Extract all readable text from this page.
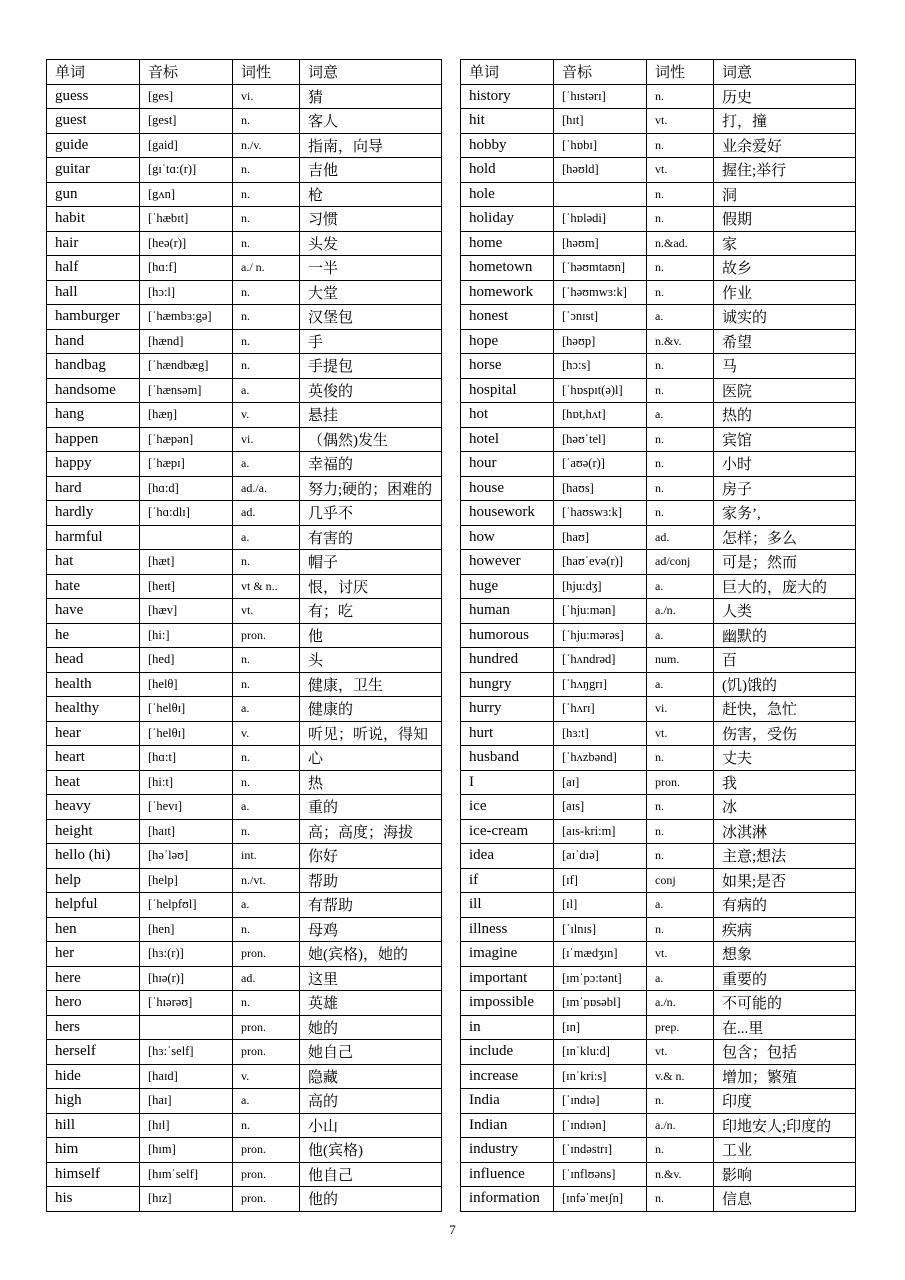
单词	音标	词性	词意
guess	[ges]	vi.	猜
guest	[gest]	n.	客人
guide	[gaid]	n./v.	指南，向导
guitar	[gɪˈtɑ:(r)]	n.	吉他
gun	[gʌn]	n.	枪
habit	[ˈhæbɪt]	n.	习惯
hair	[heə(r)]	n.	头发
half	[hɑ:f]	a./ n.	一半
hall	[hɔ:l]	n.	大堂
hamburger	[ˈhæmbɜ:gə]	n.	汉堡包
hand	[hænd]	n.	手
handbag	[ˈhændbæg]	n.	手提包
handsome	[ˈhænsəm]	a.	英俊的
hang	[hæŋ]	v.	悬挂
happen	[ˈhæpən]	vi.	（偶然)发生
happy	[ˈhæpɪ]	a.	幸福的
hard	[hɑ:d]	ad./a.	努力;硬的；困难的
hardly	[ˈhɑ:dlɪ]	ad.	几乎不
harmful		a.	有害的
hat	[hæt]	n.	帽子
hate	[heɪt]	vt & n..	恨，讨厌
have	[hæv]	vt.	有；吃
he	[hi:]	pron.	他
head	[hed]	n.	头
health	[helθ]	n.	健康，卫生
healthy	[ˈhelθɪ]	a.	健康的
hear	[ˈhelθɪ]	v.	听见；听说，得知
heart	[hɑ:t]	n.	心
heat	[hi:t]	n.	热
heavy	[ˈhevɪ]	a.	重的
height	[haɪt]	n.	高；高度；海拔
hello (hi)	[həˈləʊ]	int.	你好
help	[help]	n./vt.	帮助
helpful	[ˈhelpfʊl]	a.	有帮助
hen	[hen]	n.	母鸡
her	[hɜ:(r)]	pron.	她(宾格)，她的
here	[hɪə(r)]	ad.	这里
hero	[ˈhɪərəʊ]	n.	英雄
hers		pron.	她的
herself	[hɜ:ˈself]	pron.	她自己
hide	[haɪd]	v.	隐藏
high	[haɪ]	a.	高的
hill	[hɪl]	n.	小山
him	[hɪm]	pron.	他(宾格)
himself	[hɪmˈself]	pron.	他自己
his	[hɪz]	pron.	他的
单词	音标	词性	词意
history	[ˈhɪstərɪ]	n.	历史
hit	[hɪt]	vt.	打，撞
hobby	[ˈhɒbɪ]	n.	业余爱好
hold	[həʊld]	vt.	握住;举行
hole		n.	洞
holiday	[ˈhɒlədi]	n.	假期
home	[həʊm]	n.&ad.	家
hometown	[ˈhəʊmtaʊn]	n.	故乡
homework	[ˈhəʊmwɜ:k]	n.	作业
honest	[ˈɔnɪst]	a.	诚实的
hope	[həʊp]	n.&v.	希望
horse	[hɔ:s]	n.	马
hospital	[ˈhɒspɪt(ə)l]	n.	医院
hot	[hɒt,hʌt]	a.	热的
hotel	[həʊˈtel]	n.	宾馆
hour	[ˈaʊə(r)]	n.	小时
house	[haʊs]	n.	房子
housework	[ˈhaʊswɜ:k]	n.	家务’,
how	[haʊ]	ad.	怎样；多么
however	[haʊˈevə(r)]	ad/conj	可是；然而
huge	[hju:dʒ]	a.	巨大的，庞大的
human	[ˈhju:mən]	a./n.	人类
humorous	[ˈhju:mərəs]	a.	幽默的
hundred	[ˈhʌndrəd]	num.	百
hungry	[ˈhʌŋgrɪ]	a.	(饥)饿的
hurry	[ˈhʌrɪ]	vi.	赶快，急忙
hurt	[hɜ:t]	vt.	伤害，受伤
husband	[ˈhʌzbənd]	n.	丈夫
I	[aɪ]	pron.	我
ice	[aɪs]	n.	冰
ice-cream	[aɪs-kri:m]	n.	冰淇淋
idea	[aɪˈdɪə]	n.	主意;想法
if	[ɪf]	conj	如果;是否
ill	[ɪl]	a.	有病的
illness	[ˈɪlnɪs]	n.	疾病
imagine	[ɪˈmædʒɪn]	vt.	想象
important	[ɪmˈpɔ:tənt]	a.	重要的
impossible	[ɪmˈpɒsəbl]	a./n.	不可能的
in	[ɪn]	prep.	在...里
include	[ɪnˈklu:d]	vt.	包含；包括
increase	[ɪnˈkri:s]	v.& n.	增加；繁殖
India	[ˈɪndɪə]	n.	印度
Indian	[ˈɪndɪən]	a./n.	印地安人;印度的
industry	[ˈɪndəstrɪ]	n.	工业
influence	[ˈɪnflʊəns]	n.&v.	影响
information	[ɪnfəˈmeɪʃn]	n.	信息
7
